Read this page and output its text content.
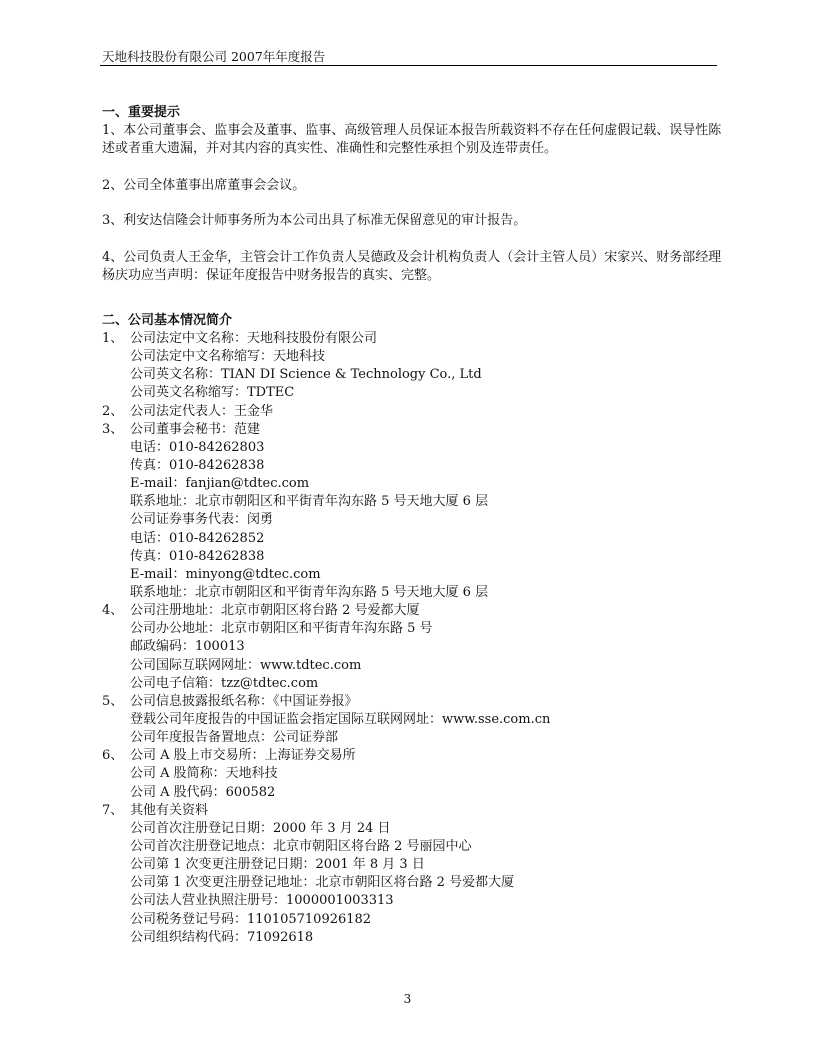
天地科技股份有限公司 2007年年度报告
一、重要提示
1、本公司董事会、监事会及董事、监事、高级管理人员保证本报告所载资料不存在任何虚假记载、误导性陈述或者重大遗漏，并对其内容的真实性、准确性和完整性承担个别及连带责任。
2、公司全体董事出席董事会会议。
3、利安达信隆会计师事务所为本公司出具了标准无保留意见的审计报告。
4、公司负责人王金华，主管会计工作负责人吴德政及会计机构负责人（会计主管人员）宋家兴、财务部经理杨庆功应当声明：保证年度报告中财务报告的真实、完整。
二、公司基本情况简介
1、 公司法定中文名称：天地科技股份有限公司
公司法定中文名称缩写：天地科技
公司英文名称：TIAN DI Science & Technology Co., Ltd
公司英文名称缩写：TDTEC
2、 公司法定代表人：王金华
3、 公司董事会秘书：范建
电话：010-84262803
传真：010-84262838
E-mail：fanjian@tdtec.com
联系地址：北京市朝阳区和平街青年沟东路 5 号天地大厦 6 层
公司证券事务代表：闵勇
电话：010-84262852
传真：010-84262838
E-mail：minyong@tdtec.com
联系地址：北京市朝阳区和平街青年沟东路 5 号天地大厦 6 层
4、 公司注册地址：北京市朝阳区将台路 2 号爱都大厦
公司办公地址：北京市朝阳区和平街青年沟东路 5 号
邮政编码：100013
公司国际互联网网址：www.tdtec.com
公司电子信箱：tzz@tdtec.com
5、 公司信息披露报纸名称：《中国证券报》
登载公司年度报告的中国证监会指定国际互联网网址：www.sse.com.cn
公司年度报告备置地点：公司证券部
6、 公司 A 股上市交易所：上海证券交易所
公司 A 股简称：天地科技
公司 A 股代码：600582
7、 其他有关资料
公司首次注册登记日期：2000 年 3 月 24 日
公司首次注册登记地点：北京市朝阳区将台路 2 号丽园中心
公司第 1 次变更注册登记日期：2001 年 8 月 3 日
公司第 1 次变更注册登记地址：北京市朝阳区将台路 2 号爱都大厦
公司法人营业执照注册号：1000001003313
公司税务登记号码：110105710926182
公司组织结构代码：71092618
3
